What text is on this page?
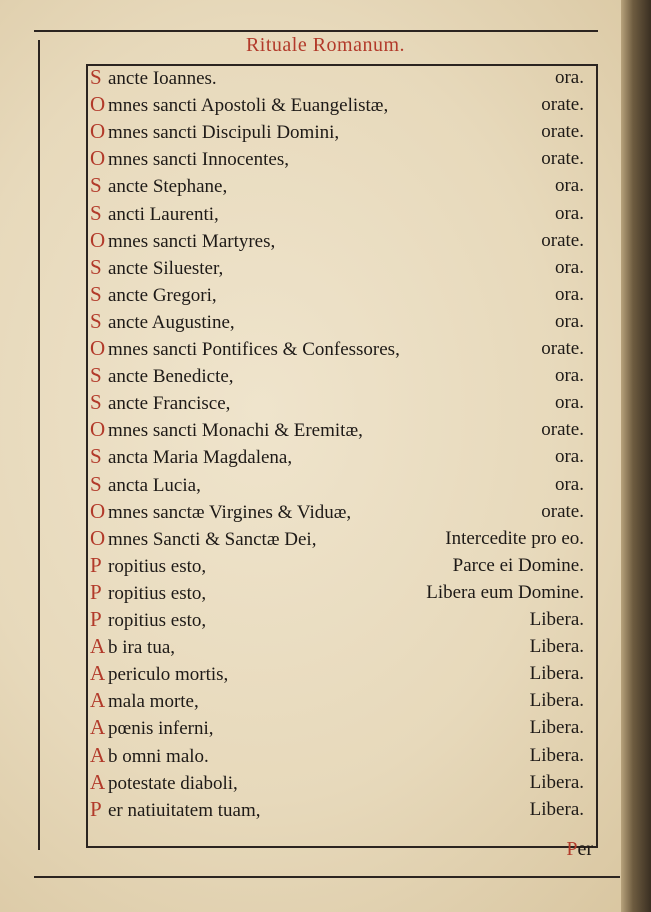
Rituale Romanum.
S ancte Ioannes.	ora.
O mnes sancti Apostoli & Euangelistæ,	orate.
O mnes sancti Discipuli Domini,	orate.
O mnes sancti Innocentes,	orate.
S ancte Stephane,	ora.
S ancti Laurenti,	ora.
O mnes sancti Martyres,	orate.
S ancte Siluester,	ora.
S ancte Gregori,	ora.
S ancte Augustine,	ora.
O mnes sancti Pontifices & Confessores,	orate.
S ancte Benedicte,	ora.
S ancte Francisce,	ora.
O mnes sancti Monachi & Eremitæ,	orate.
S ancta Maria Magdalena,	ora.
S ancta Lucia,	ora.
O mnes sanctæ Virgines & Viduæ,	orate.
O mnes Sancti & Sanctæ Dei,	Intercedite pro eo.
P ropitius esto,	Parce ei Domine.
P ropitius esto,	Libera eum Domine.
P ropitius esto,	Libera.
A b ira tua,	Libera.
A periculo mortis,	Libera.
A mala morte,	Libera.
A pœnis inferni,	Libera.
A b omni malo.	Libera.
A potestate diaboli,	Libera.
P er natiuitatem tuam,	Libera.
Per
